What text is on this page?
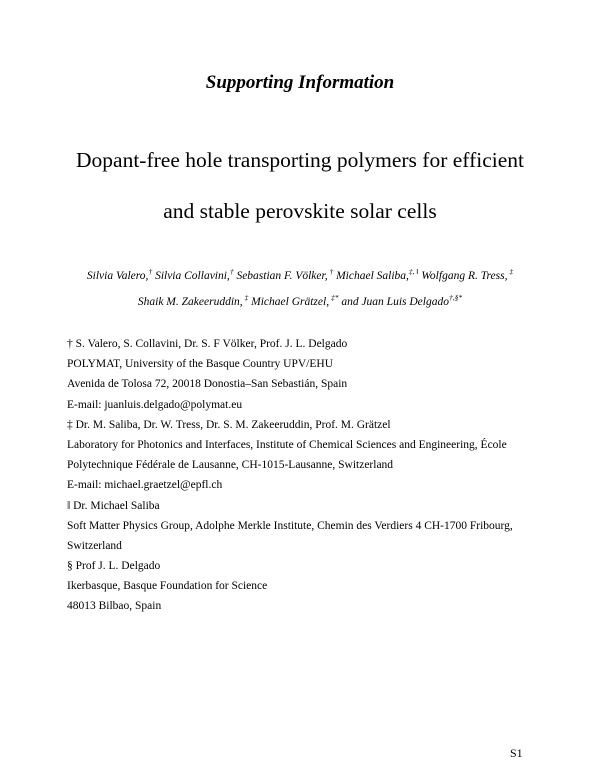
Supporting Information
Dopant-free hole transporting polymers for efficient
and stable perovskite solar cells
Silvia Valero,† Silvia Collavini,† Sebastian F. Völker, † Michael Saliba,$^{\ddagger, ǁ}$ Wolfgang R. Tress, ‡
Shaik M. Zakeeruddin, ‡ Michael Grätzel, ‡* and Juan Luis Delgado†,§*
† S. Valero, S. Collavini, Dr. S. F Völker, Prof. J. L. Delgado
POLYMAT, University of the Basque Country UPV/EHU
Avenida de Tolosa 72, 20018 Donostia–San Sebastián, Spain
E-mail: juanluis.delgado@polymat.eu
‡ Dr. M. Saliba, Dr. W. Tress, Dr. S. M. Zakeeruddin, Prof. M. Grätzel
Laboratory for Photonics and Interfaces, Institute of Chemical Sciences and Engineering, École
Polytechnique Fédérale de Lausanne, CH-1015-Lausanne, Switzerland
E-mail: michael.graetzel@epfl.ch
ǁ Dr. Michael Saliba
Soft Matter Physics Group, Adolphe Merkle Institute, Chemin des Verdiers 4 CH-1700 Fribourg,
Switzerland
§ Prof J. L. Delgado
Ikerbasque, Basque Foundation for Science
48013 Bilbao, Spain
S1
